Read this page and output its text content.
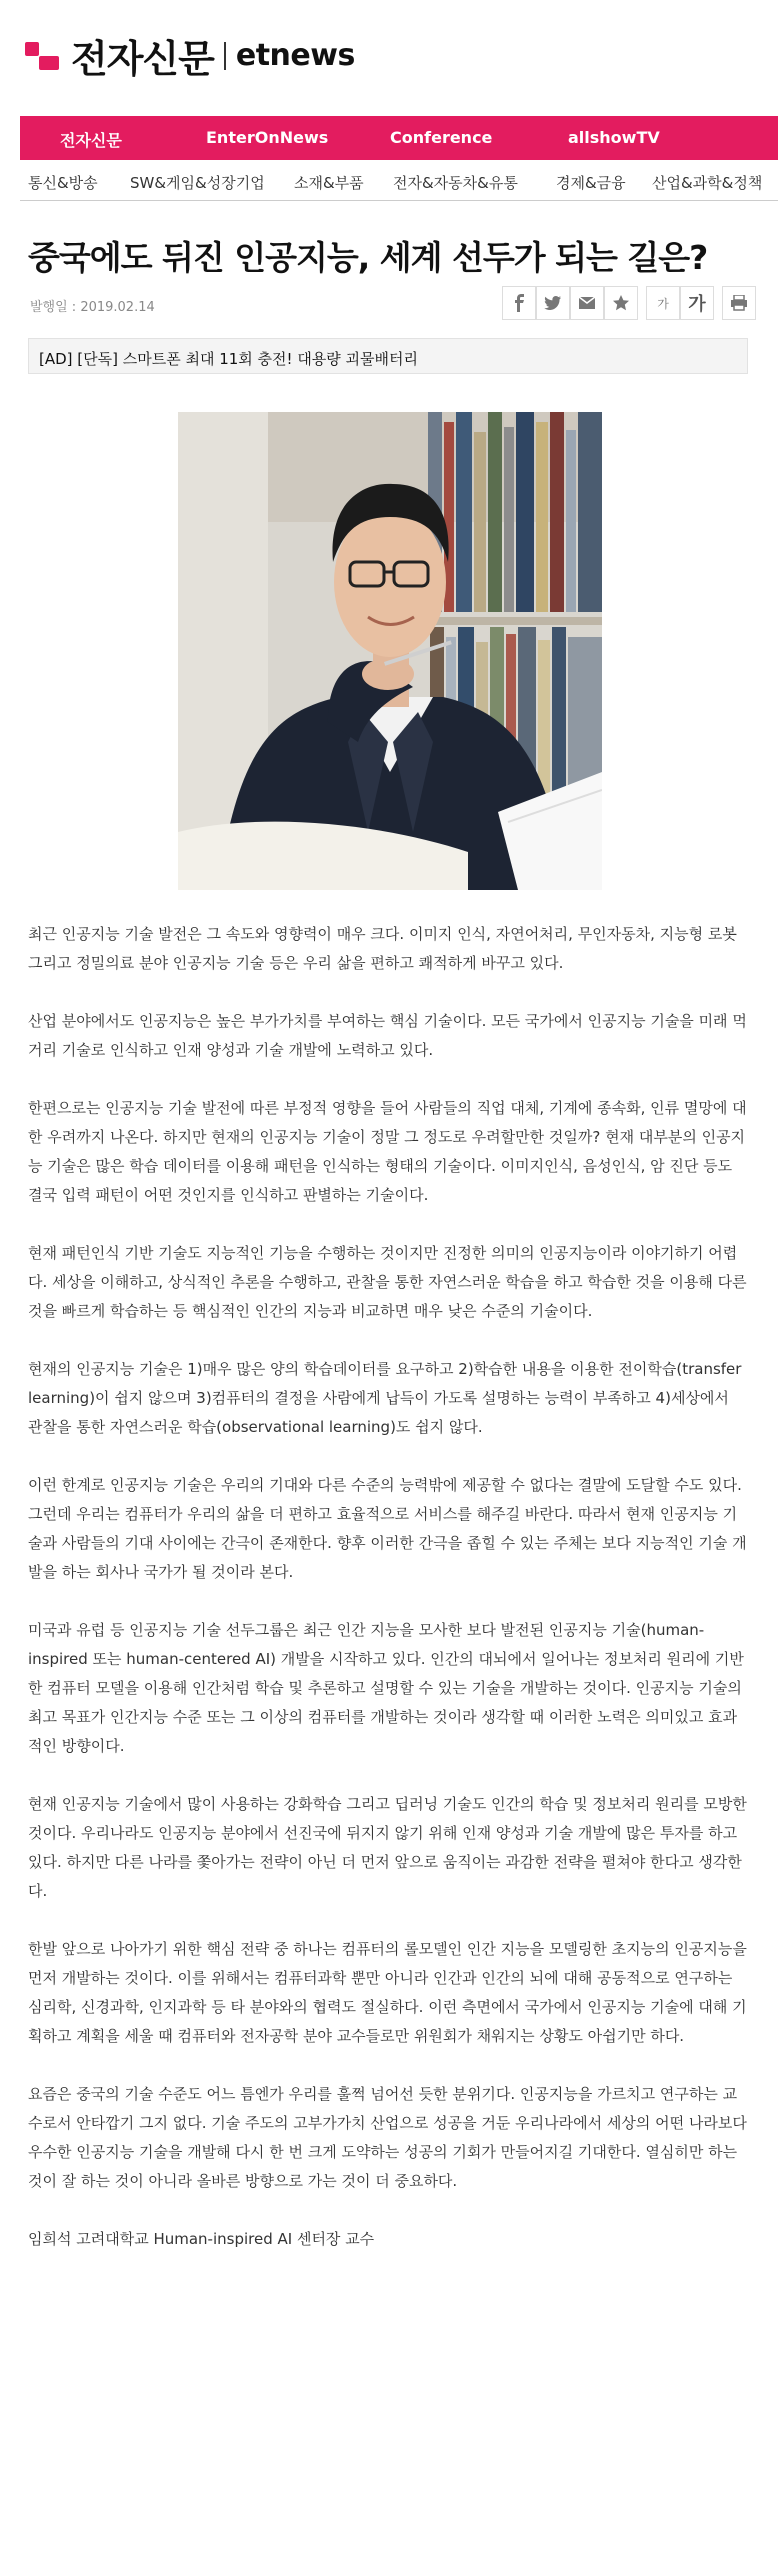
전자신문 etnews
전자신문	EnterOnNews	Conference	allshowTV
통신&방송 SW&게임&성장기업 소재&부품 전자&자동차&유통	경제&금융 산업&과학&정책
중국에도 뒤진 인공지능, 세계 선두가 되는 길은?
발행일 : 2019.02.14	가 가
[AD] [단독] 스마트폰 최대 11회 충전! 대용량 괴물배터리

최근 인공지능 기술 발전은 그 속도와 영향력이 매우 크다. 이미지 인식, 자연어처리, 무인자동차, 지능형 로봇 그리고 정밀의료 분야 인공지능 기술 등은 우리 삶을 편하고 쾌적하게 바꾸고 있다.

산업 분야에서도 인공지능은 높은 부가가치를 부여하는 핵심 기술이다. 모든 국가에서 인공지능 기술을 미래 먹거리 기술로 인식하고 인재 양성과 기술 개발에 노력하고 있다.

한편으로는 인공지능 기술 발전에 따른 부정적 영향을 들어 사람들의 직업 대체, 기계에 종속화, 인류 멸망에 대한 우려까지 나온다. 하지만 현재의 인공지능 기술이 정말 그 정도로 우려할만한 것일까? 현재 대부분의 인공지능 기술은 많은 학습 데이터를 이용해 패턴을 인식하는 형태의 기술이다. 이미지인식, 음성인식, 암 진단 등도 결국 입력 패턴이 어떤 것인지를 인식하고 판별하는 기술이다.

현재 패턴인식 기반 기술도 지능적인 기능을 수행하는 것이지만 진정한 의미의 인공지능이라 이야기하기 어렵다. 세상을 이해하고, 상식적인 추론을 수행하고, 관찰을 통한 자연스러운 학습을 하고 학습한 것을 이용해 다른 것을 빠르게 학습하는 등 핵심적인 인간의 지능과 비교하면 매우 낮은 수준의 기술이다.

현재의 인공지능 기술은 1)매우 많은 양의 학습데이터를 요구하고 2)학습한 내용을 이용한 전이학습(transfer learning)이 쉽지 않으며 3)컴퓨터의 결정을 사람에게 납득이 가도록 설명하는 능력이 부족하고 4)세상에서 관찰을 통한 자연스러운 학습(observational learning)도 쉽지 않다.

이런 한계로 인공지능 기술은 우리의 기대와 다른 수준의 능력밖에 제공할 수 없다는 결말에 도달할 수도 있다. 그런데 우리는 컴퓨터가 우리의 삶을 더 편하고 효율적으로 서비스를 해주길 바란다. 따라서 현재 인공지능 기술과 사람들의 기대 사이에는 간극이 존재한다. 향후 이러한 간극을 좁힐 수 있는 주체는 보다 지능적인 기술 개발을 하는 회사나 국가가 될 것이라 본다.

미국과 유럽 등 인공지능 기술 선두그룹은 최근 인간 지능을 모사한 보다 발전된 인공지능 기술(human-inspired 또는 human-centered AI) 개발을 시작하고 있다. 인간의 대뇌에서 일어나는 정보처리 원리에 기반한 컴퓨터 모델을 이용해 인간처럼 학습 및 추론하고 설명할 수 있는 기술을 개발하는 것이다. 인공지능 기술의 최고 목표가 인간지능 수준 또는 그 이상의 컴퓨터를 개발하는 것이라 생각할 때 이러한 노력은 의미있고 효과적인 방향이다.

현재 인공지능 기술에서 많이 사용하는 강화학습 그리고 딥러닝 기술도 인간의 학습 및 정보처리 원리를 모방한 것이다. 우리나라도 인공지능 분야에서 선진국에 뒤지지 않기 위해 인재 양성과 기술 개발에 많은 투자를 하고 있다. 하지만 다른 나라를 쫓아가는 전략이 아닌 더 먼저 앞으로 움직이는 과감한 전략을 펼쳐야 한다고 생각한다.

한발 앞으로 나아가기 위한 핵심 전략 중 하나는 컴퓨터의 롤모델인 인간 지능을 모델링한 초지능의 인공지능을 먼저 개발하는 것이다. 이를 위해서는 컴퓨터과학 뿐만 아니라 인간과 인간의 뇌에 대해 공동적으로 연구하는 심리학, 신경과학, 인지과학 등 타 분야와의 협력도 절실하다. 이런 측면에서 국가에서 인공지능 기술에 대해 기획하고 계획을 세울 때 컴퓨터와 전자공학 분야 교수들로만 위원회가 채워지는 상황도 아쉽기만 하다.

요즘은 중국의 기술 수준도 어느 틈엔가 우리를 훌쩍 넘어선 듯한 분위기다. 인공지능을 가르치고 연구하는 교수로서 안타깝기 그지 없다. 기술 주도의 고부가가치 산업으로 성공을 거둔 우리나라에서 세상의 어떤 나라보다 우수한 인공지능 기술을 개발해 다시 한 번 크게 도약하는 성공의 기회가 만들어지길 기대한다. 열심히만 하는 것이 잘 하는 것이 아니라 올바른 방향으로 가는 것이 더 중요하다.

임희석 고려대학교 Human-inspired AI 센터장 교수
